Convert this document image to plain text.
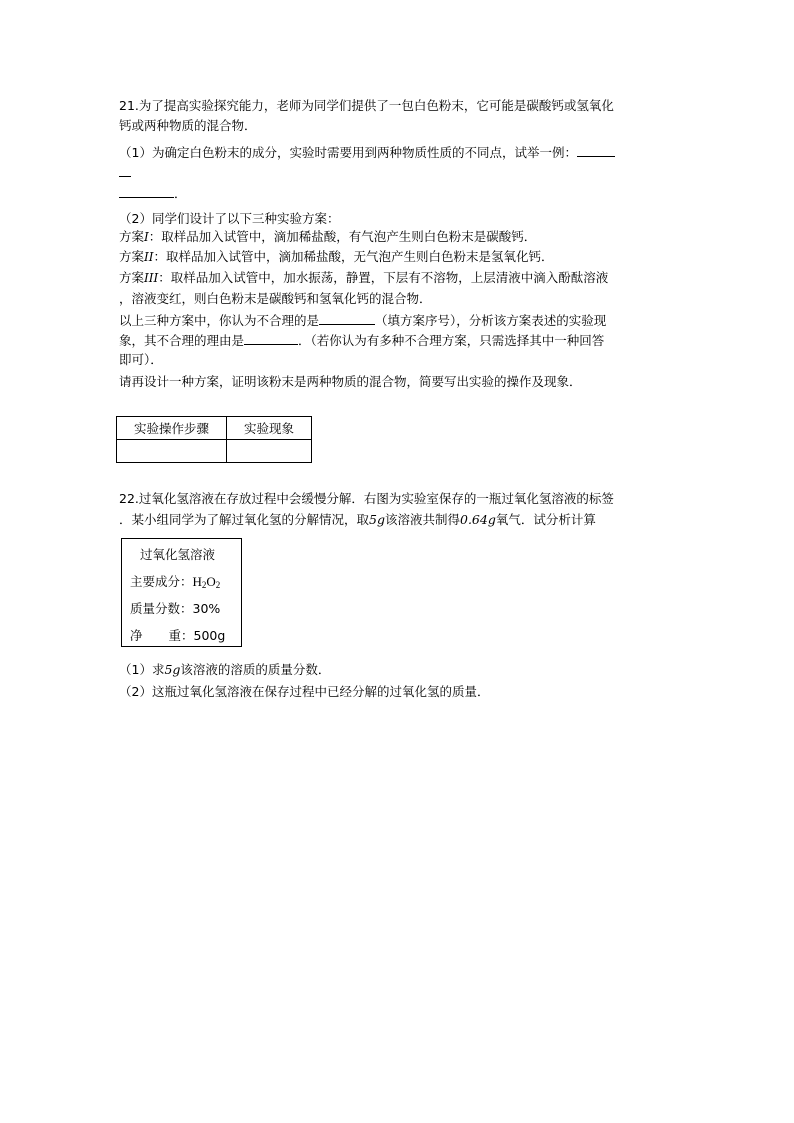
21.为了提高实验探究能力，老师为同学们提供了一包白色粉末，它可能是碳酸钙或氢氧化
钙或两种物质的混合物．
（1）为确定白色粉末的成分，实验时需要用到两种物质性质的不同点，试举一例：
．
（2）同学们设计了以下三种实验方案：
方案I：取样品加入试管中，滴加稀盐酸，有气泡产生则白色粉末是碳酸钙．
方案II：取样品加入试管中，滴加稀盐酸，无气泡产生则白色粉末是氢氧化钙．
方案III：取样品加入试管中，加水振荡，静置，下层有不溶物，上层清液中滴入酚酞溶液
，溶液变红，则白色粉末是碳酸钙和氢氧化钙的混合物．
以上三种方案中，你认为不合理的是	（填方案序号），分析该方案表述的实验现
象，其不合理的理由是	．（若你认为有多种不合理方案，只需选择其中一种回答
即可）．
请再设计一种方案，证明该粉末是两种物质的混合物，简要写出实验的操作及现象．
实验操作步骤	实验现象

22.过氧化氢溶液在存放过程中会缓慢分解．右图为实验室保存的一瓶过氧化氢溶液的标签
．某小组同学为了解过氧化氢的分解情况，取5g该溶液共制得0.64g氧气．试分析计算
过氧化氢溶液
主要成分：$H_2O_2$
质量分数：30%
净 重：500g
（1）求5g该溶液的溶质的质量分数．
（2）这瓶过氧化氢溶液在保存过程中已经分解的过氧化氢的质量．
